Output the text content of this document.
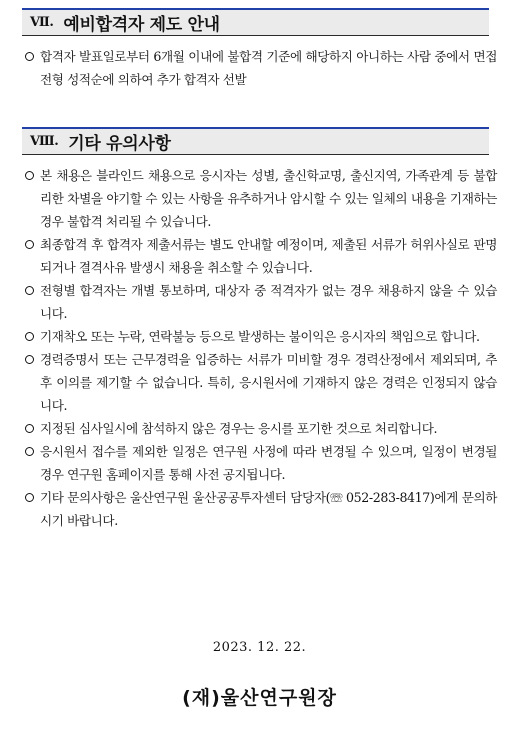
Ⅶ. 예비합격자 제도 안내
합격자 발표일로부터 6개월 이내에 불합격 기준에 해당하지 아니하는 사람 중에서 면접전형 성적순에 의하여 추가 합격자 선발
Ⅷ. 기타 유의사항
본 채용은 블라인드 채용으로 응시자는 성별, 출신학교명, 출신지역, 가족관계 등 불합리한 차별을 야기할 수 있는 사항을 유추하거나 암시할 수 있는 일체의 내용을 기재하는 경우 불합격 처리될 수 있습니다.
최종합격 후 합격자 제출서류는 별도 안내할 예정이며, 제출된 서류가 허위사실로 판명되거나 결격사유 발생시 채용을 취소할 수 있습니다.
전형별 합격자는 개별 통보하며, 대상자 중 적격자가 없는 경우 채용하지 않을 수 있습니다.
기재착오 또는 누락, 연락불능 등으로 발생하는 불이익은 응시자의 책임으로 합니다.
경력증명서 또는 근무경력을 입증하는 서류가 미비할 경우 경력산정에서 제외되며, 추후 이의를 제기할 수 없습니다. 특히, 응시원서에 기재하지 않은 경력은 인정되지 않습니다.
지정된 심사일시에 참석하지 않은 경우는 응시를 포기한 것으로 처리합니다.
응시원서 접수를 제외한 일정은 연구원 사정에 따라 변경될 수 있으며, 일정이 변경될 경우 연구원 홈페이지를 통해 사전 공지됩니다.
기타 문의사항은 울산연구원 울산공공투자센터 담당자(☏ 052-283-8417)에게 문의하시기 바랍니다.
2023. 12. 22.
(재)울산연구원장
